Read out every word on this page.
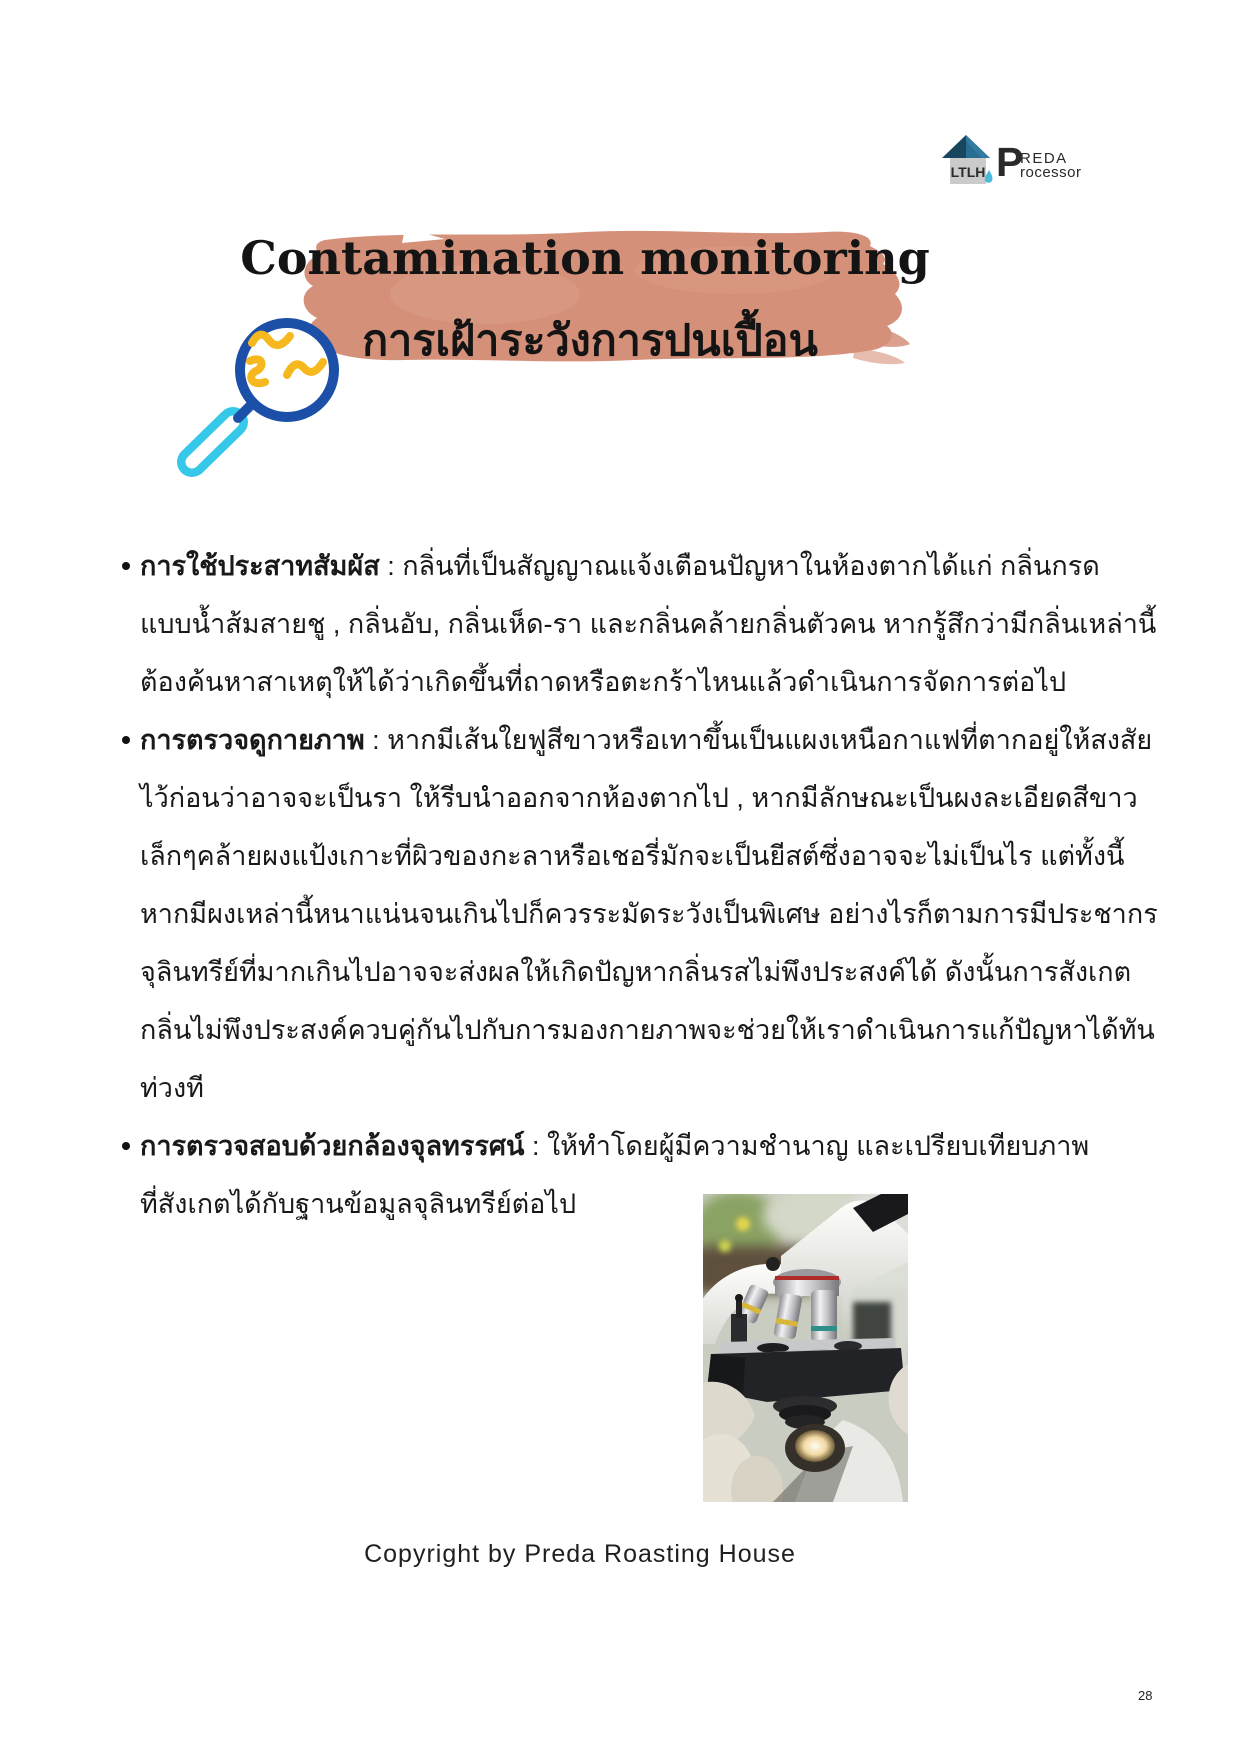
LTLH P
REDA
rocessor
Contamination monitoring
การเฝ้าระวังการปนเปื้อน
การใช้ประสาทสัมผัส : กลิ่นที่เป็นสัญญาณแจ้งเตือนปัญหาในห้องตากได้แก่ กลิ่นกรด
แบบน้ำส้มสายชู , กลิ่นอับ, กลิ่นเห็ด-รา และกลิ่นคล้ายกลิ่นตัวคน หากรู้สึกว่ามีกลิ่นเหล่านี้
ต้องค้นหาสาเหตุให้ได้ว่าเกิดขึ้นที่ถาดหรือตะกร้าไหนแล้วดำเนินการจัดการต่อไป
การตรวจดูกายภาพ : หากมีเส้นใยฟูสีขาวหรือเทาขึ้นเป็นแผงเหนือกาแฟที่ตากอยู่ให้สงสัย
ไว้ก่อนว่าอาจจะเป็นรา ให้รีบนำออกจากห้องตากไป , หากมีลักษณะเป็นผงละเอียดสีขาว
เล็กๆคล้ายผงแป้งเกาะที่ผิวของกะลาหรือเชอรี่มักจะเป็นยีสต์ซึ่งอาจจะไม่เป็นไร แต่ทั้งนี้
หากมีผงเหล่านี้หนาแน่นจนเกินไปก็ควรระมัดระวังเป็นพิเศษ อย่างไรก็ตามการมีประชากร
จุลินทรีย์ที่มากเกินไปอาจจะส่งผลให้เกิดปัญหากลิ่นรสไม่พึงประสงค์ได้ ดังนั้นการสังเกต
กลิ่นไม่พึงประสงค์ควบคู่กันไปกับการมองกายภาพจะช่วยให้เราดำเนินการแก้ปัญหาได้ทัน
ท่วงที
การตรวจสอบด้วยกล้องจุลทรรศน์ : ให้ทำโดยผู้มีความชำนาญ และเปรียบเทียบภาพ
ที่สังเกตได้กับฐานข้อมูลจุลินทรีย์ต่อไป
Copyright by Preda Roasting House
28
